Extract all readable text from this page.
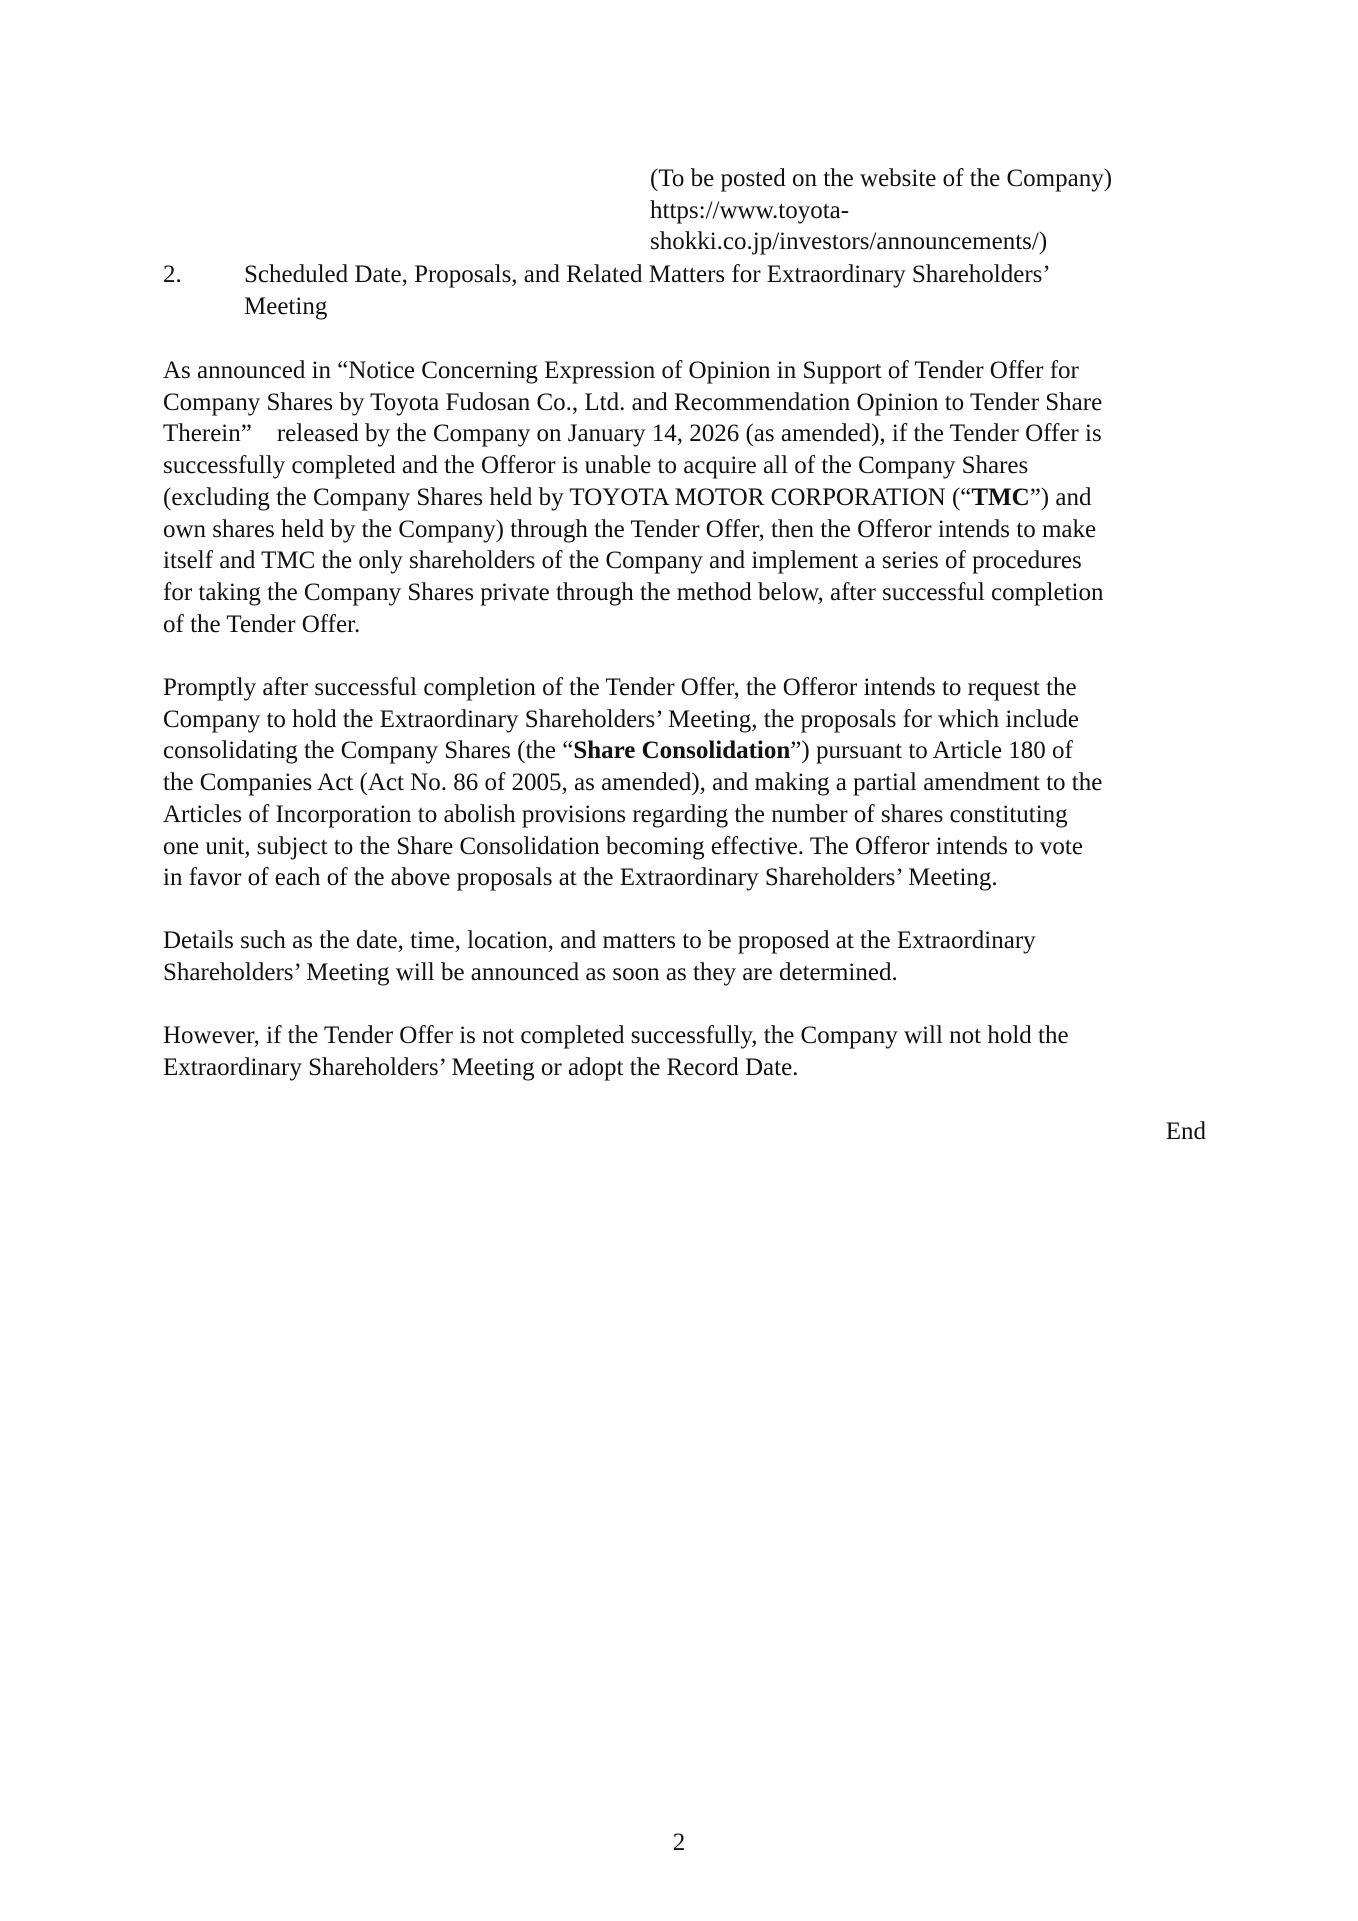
(To be posted on the website of the Company)
https://www.toyota-
shokki.co.jp/investors/announcements/)
2. Scheduled Date, Proposals, and Related Matters for Extraordinary Shareholders’
Meeting
As announced in “Notice Concerning Expression of Opinion in Support of Tender Offer for
Company Shares by Toyota Fudosan Co., Ltd. and Recommendation Opinion to Tender Share
Therein”    released by the Company on January 14, 2026 (as amended), if the Tender Offer is
successfully completed and the Offeror is unable to acquire all of the Company Shares
(excluding the Company Shares held by TOYOTA MOTOR CORPORATION (“TMC”) and
own shares held by the Company) through the Tender Offer, then the Offeror intends to make
itself and TMC the only shareholders of the Company and implement a series of procedures
for taking the Company Shares private through the method below, after successful completion
of the Tender Offer.
Promptly after successful completion of the Tender Offer, the Offeror intends to request the
Company to hold the Extraordinary Shareholders’ Meeting, the proposals for which include
consolidating the Company Shares (the “Share Consolidation”) pursuant to Article 180 of
the Companies Act (Act No. 86 of 2005, as amended), and making a partial amendment to the
Articles of Incorporation to abolish provisions regarding the number of shares constituting
one unit, subject to the Share Consolidation becoming effective. The Offeror intends to vote
in favor of each of the above proposals at the Extraordinary Shareholders’ Meeting.
Details such as the date, time, location, and matters to be proposed at the Extraordinary
Shareholders’ Meeting will be announced as soon as they are determined.
However, if the Tender Offer is not completed successfully, the Company will not hold the
Extraordinary Shareholders’ Meeting or adopt the Record Date.
End
2
